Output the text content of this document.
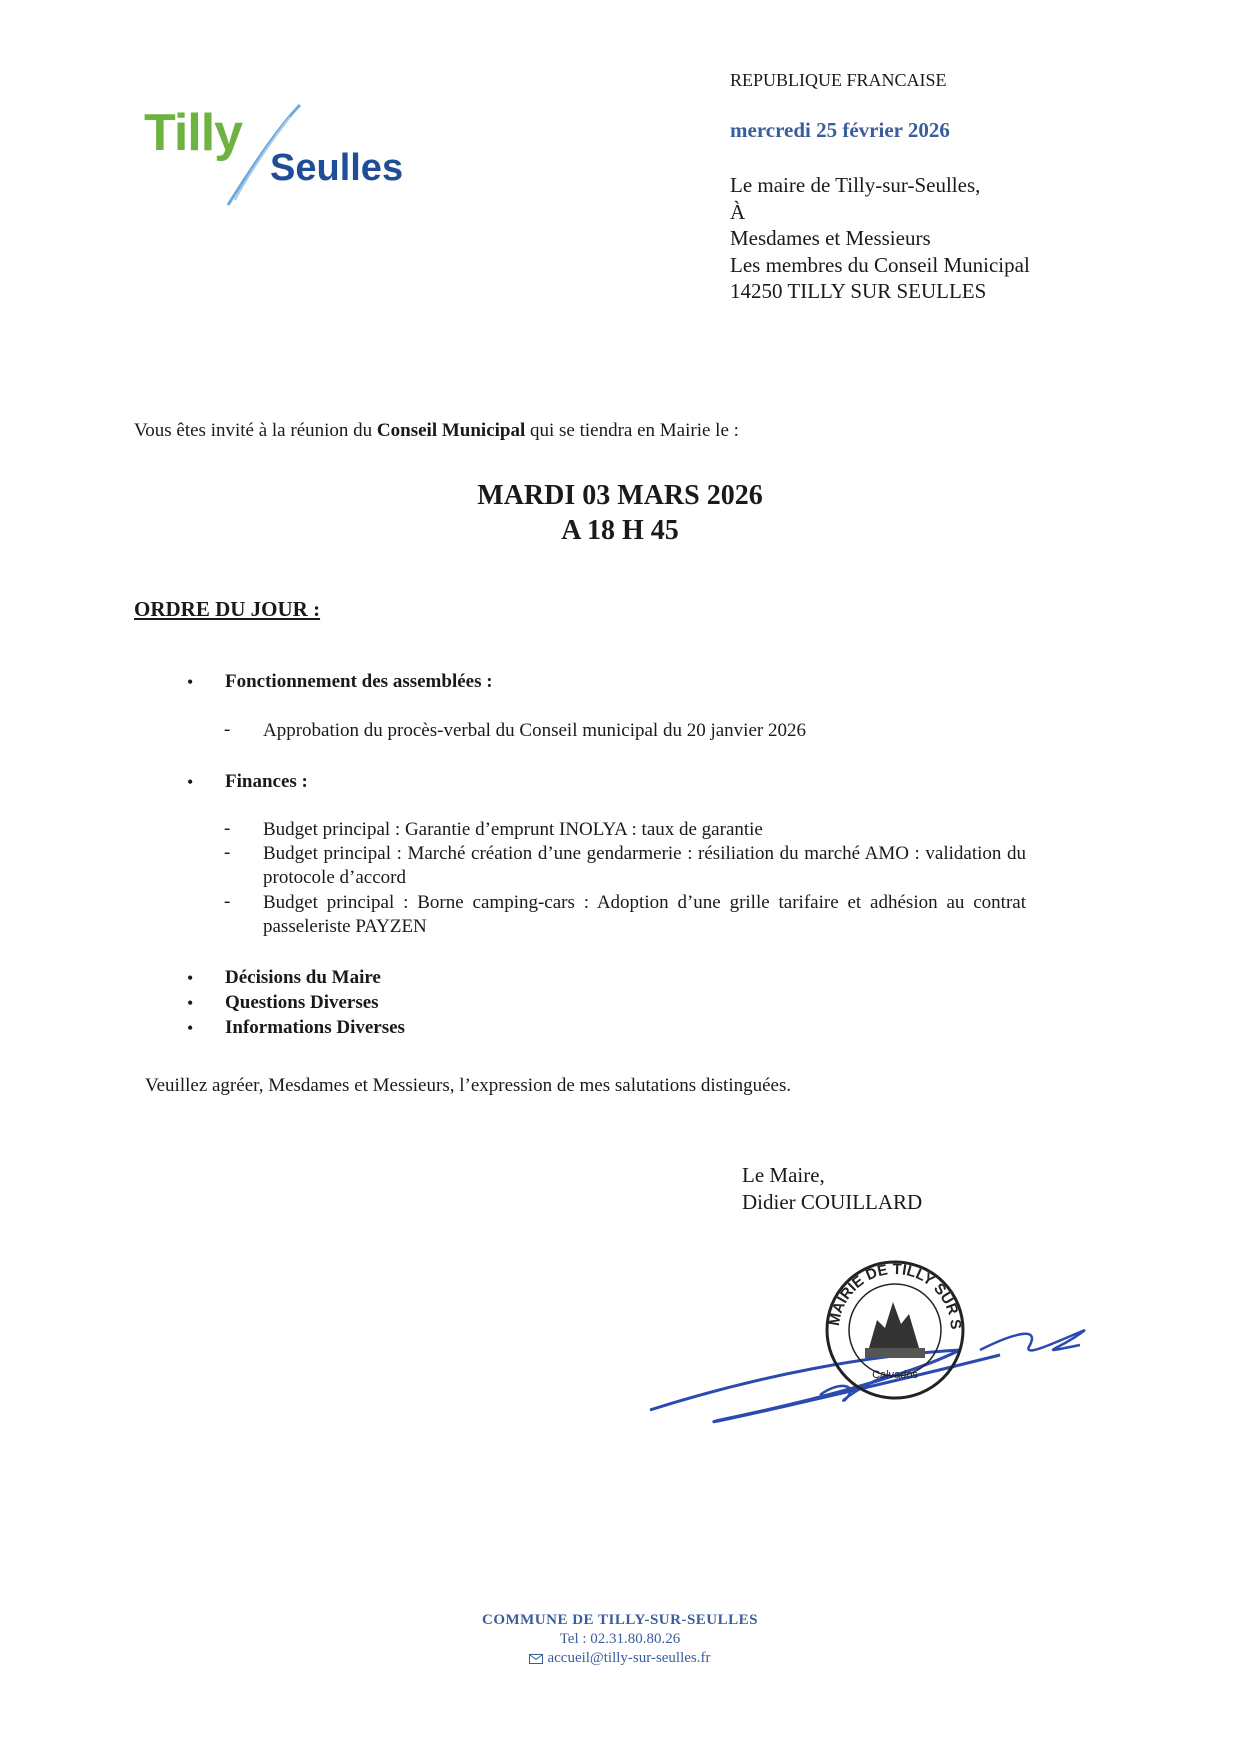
Tilly
Seulles
REPUBLIQUE FRANCAISE
mercredi 25 février 2026
Le maire de Tilly-sur-Seulles,
À
Mesdames et Messieurs
Les membres du Conseil Municipal
14250 TILLY SUR SEULLES
Vous êtes invité à la réunion du Conseil Municipal qui se tiendra en Mairie le :
MARDI 03 MARS 2026
A 18 H 45
ORDRE DU JOUR :
• Fonctionnement des assemblées :
- Approbation du procès-verbal du Conseil municipal du 20 janvier 2026
• Finances :
- Budget principal : Garantie d’emprunt INOLYA : taux de garantie
- Budget principal : Marché création d’une gendarmerie : résiliation du marché AMO : validation du protocole d’accord
- Budget principal : Borne camping-cars : Adoption d’une grille tarifaire et adhésion au contrat passeleriste PAYZEN
• Décisions du Maire
• Questions Diverses
• Informations Diverses
Veuillez agréer, Mesdames et Messieurs, l’expression de mes salutations distinguées.
Le Maire,
Didier COUILLARD
MAIRIE DE TILLY SUR S
Calvados
COMMUNE DE TILLY-SUR-SEULLES
Tel : 02.31.80.80.26
accueil@tilly-sur-seulles.fr
